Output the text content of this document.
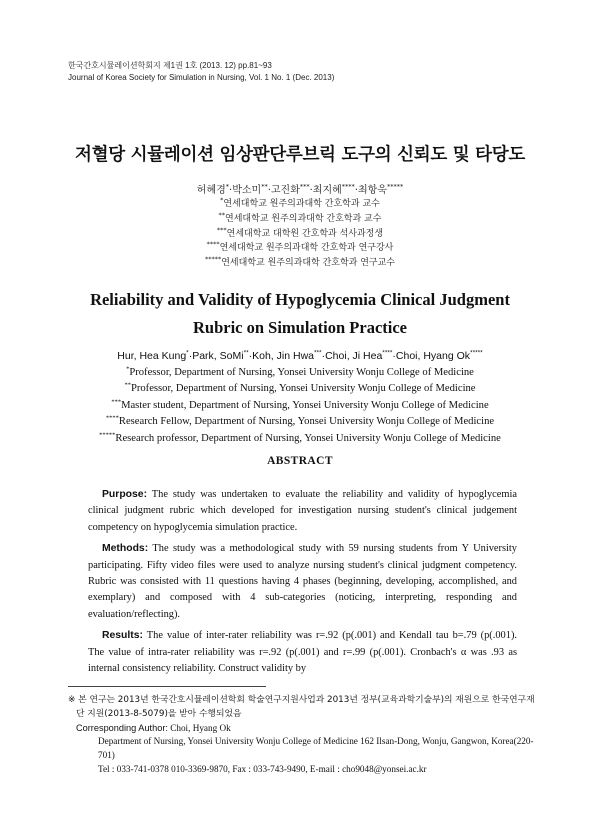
한국간호시뮬레이션학회지 제1권 1호 (2013. 12) pp.81~93
Journal of Korea Society for Simulation in Nursing, Vol. 1 No. 1 (Dec. 2013)
저혈당 시뮬레이션 임상판단루브릭 도구의 신뢰도 및 타당도
허혜경*·박소미**·고진화***·최지혜****·최항욱*****
*연세대학교 원주의과대학 간호학과 교수
**연세대학교 원주의과대학 간호학과 교수
***연세대학교 대학원 간호학과 석사과정생
****연세대학교 원주의과대학 간호학과 연구강사
*****연세대학교 원주의과대학 간호학과 연구교수
Reliability and Validity of Hypoglycemia Clinical Judgment
Rubric on Simulation Practice
Hur, Hea Kung*·Park, SoMi**·Koh, Jin Hwa***·Choi, Ji Hea****·Choi, Hyang Ok*****
*Professor, Department of Nursing, Yonsei University Wonju College of Medicine
**Professor, Department of Nursing, Yonsei University Wonju College of Medicine
***Master student, Department of Nursing, Yonsei University Wonju College of Medicine
****Research Fellow, Department of Nursing, Yonsei University Wonju College of Medicine
*****Research professor, Department of Nursing, Yonsei University Wonju College of Medicine
ABSTRACT

Purpose: The study was undertaken to evaluate the reliability and validity of hypoglycemia clinical judgment rubric which developed for investigation nursing student's clinical judgement competency on hypoglycemia simulation practice.

Methods: The study was a methodological study with 59 nursing students from Y University participating. Fifty video files were used to analyze nursing student's clinical judgment competency. Rubric was consisted with 11 questions having 4 phases (beginning, developing, accomplished, and exemplary) and composed with 4 sub-categories (noticing, interpreting, responding and evaluation/reflecting).

Results: The value of inter-rater reliability was r=.92 (p(.001) and Kendall tau b=.79 (p(.001). The value of intra-rater reliability was r=.92 (p(.001) and r=.99 (p(.001). Cronbach's α was .93 as internal consistency reliability. Construct validity by

※ 본 연구는 2013년 한국간호시뮬레이션학회 학술연구지원사업과 2013년 정부(교육과학기술부)의 재원으로 한국연구재단 지원(2013-8-5079)을 받아 수행되었음
Corresponding Author: Choi, Hyang Ok
Department of Nursing, Yonsei University Wonju College of Medicine 162 Ilsan-Dong, Wonju, Gangwon, Korea(220-701)
Tel : 033-741-0378 010-3369-9870, Fax : 033-743-9490, E-mail : cho9048@yonsei.ac.kr
